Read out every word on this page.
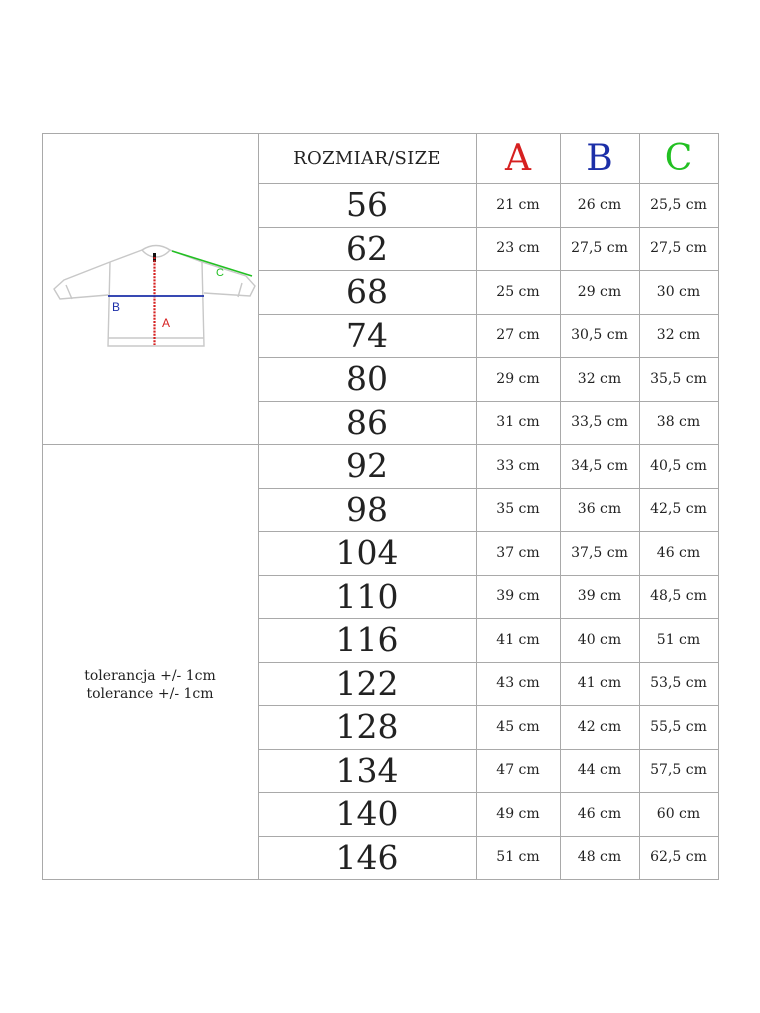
ROZMIAR/SIZE	A	B	C
A
B
C
tolerancja +/- 1cm
tolerance +/- 1cm
56	21 cm	26 cm	25,5 cm
62	23 cm	27,5 cm	27,5 cm
68	25 cm	29 cm	30 cm
74	27 cm	30,5 cm	32 cm
80	29 cm	32 cm	35,5 cm
86	31 cm	33,5 cm	38 cm
92	33 cm	34,5 cm	40,5 cm
98	35 cm	36 cm	42,5 cm
104	37 cm	37,5 cm	46 cm
110	39 cm	39 cm	48,5 cm
116	41 cm	40 cm	51 cm
122	43 cm	41 cm	53,5 cm
128	45 cm	42 cm	55,5 cm
134	47 cm	44 cm	57,5 cm
140	49 cm	46 cm	60 cm
146	51 cm	48 cm	62,5 cm
